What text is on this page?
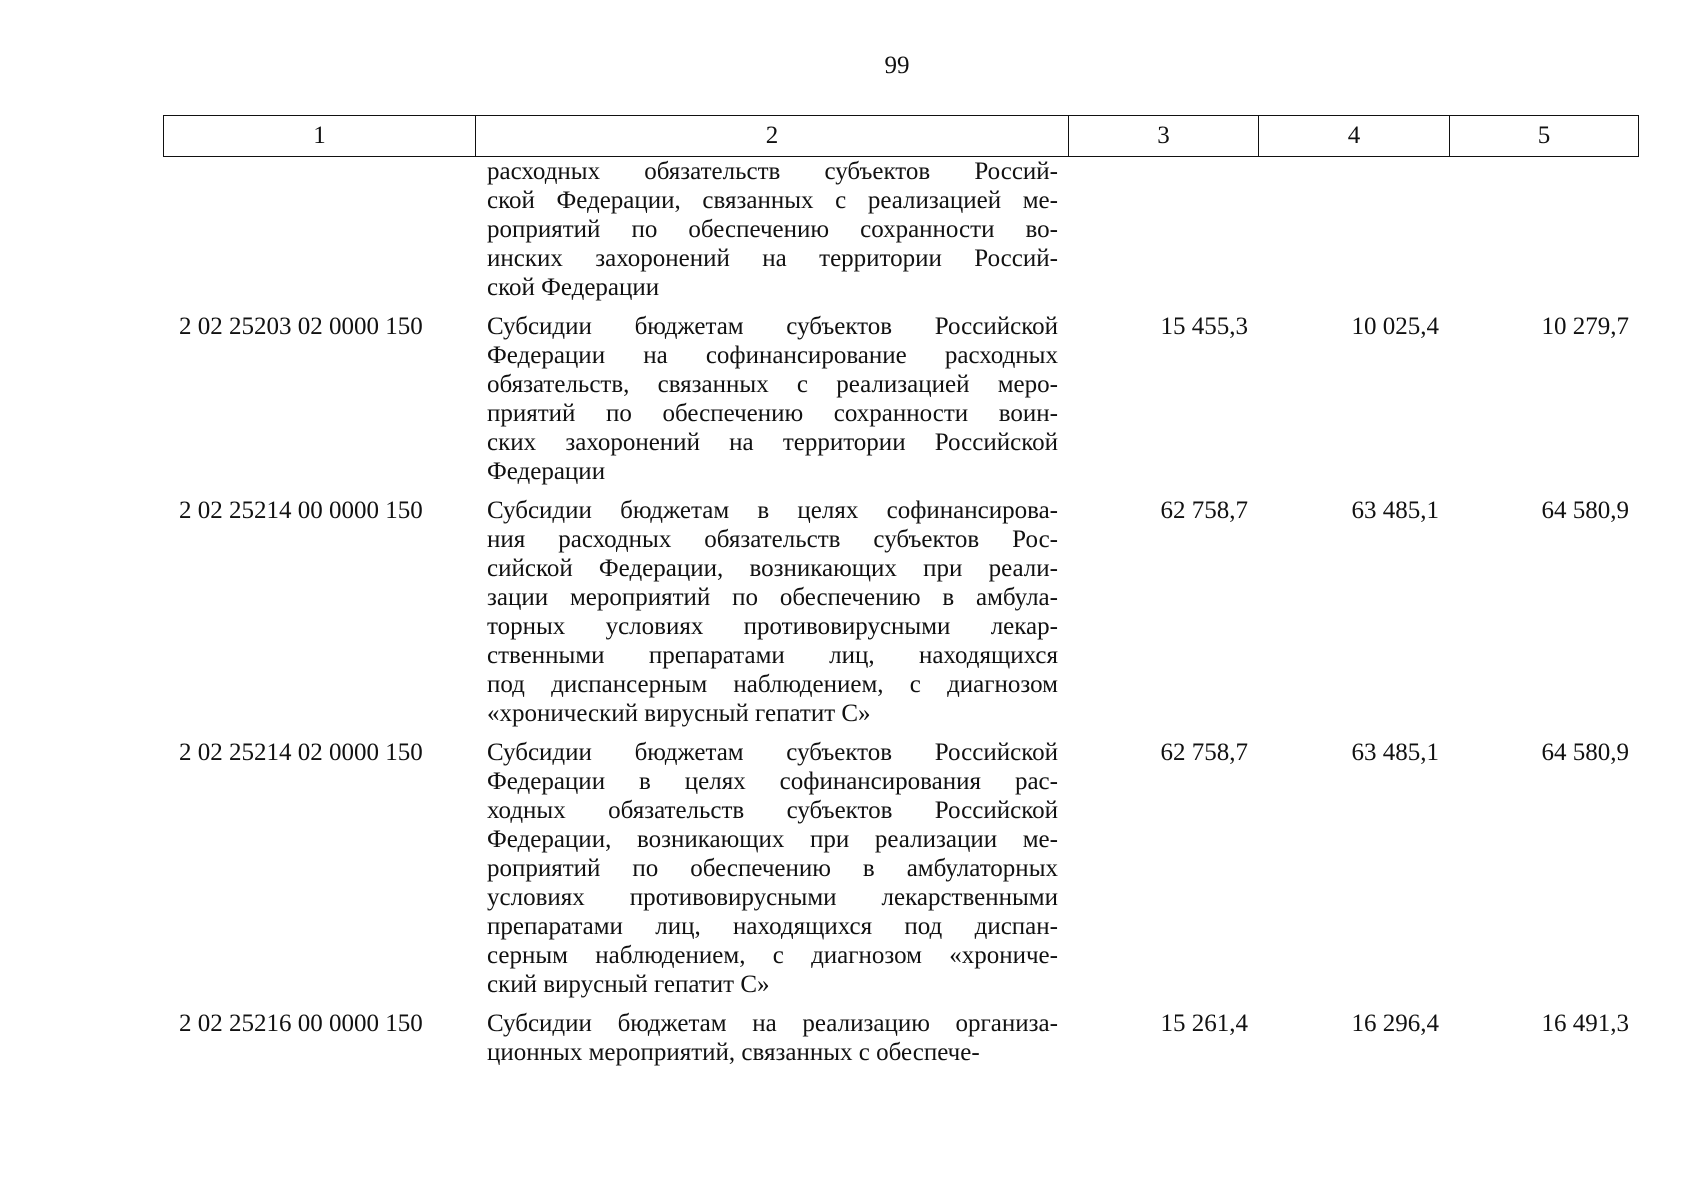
99
1	2	3	4	5
расходных обязательств субъектов Россий-
ской Федерации, связанных с реализацией ме-
роприятий по обеспечению сохранности во-
инских захоронений на территории Россий-
ской Федерации
2 02 25203 02 0000 150	Субсидии бюджетам субъектов Российской
Федерации на софинансирование расходных
обязательств, связанных с реализацией меро-
приятий по обеспечению сохранности воин-
ских захоронений на территории Российской
Федерации
15 455,3	10 025,4	10 279,7
2 02 25214 00 0000 150	Субсидии бюджетам в целях софинансирова-
ния расходных обязательств субъектов Рос-
сийской Федерации, возникающих при реали-
зации мероприятий по обеспечению в амбула-
торных условиях противовирусными лекар-
ственными препаратами лиц, находящихся
под диспансерным наблюдением, с диагнозом
«хронический вирусный гепатит С»
62 758,7	63 485,1	64 580,9
2 02 25214 02 0000 150	Субсидии бюджетам субъектов Российской
Федерации в целях софинансирования рас-
ходных обязательств субъектов Российской
Федерации, возникающих при реализации ме-
роприятий по обеспечению в амбулаторных
условиях противовирусными лекарственными
препаратами лиц, находящихся под диспан-
серным наблюдением, с диагнозом «хрониче-
ский вирусный гепатит С»
62 758,7	63 485,1	64 580,9
2 02 25216 00 0000 150	Субсидии бюджетам на реализацию организа-
ционных мероприятий, связанных с обеспече-
15 261,4	16 296,4	16 491,3
